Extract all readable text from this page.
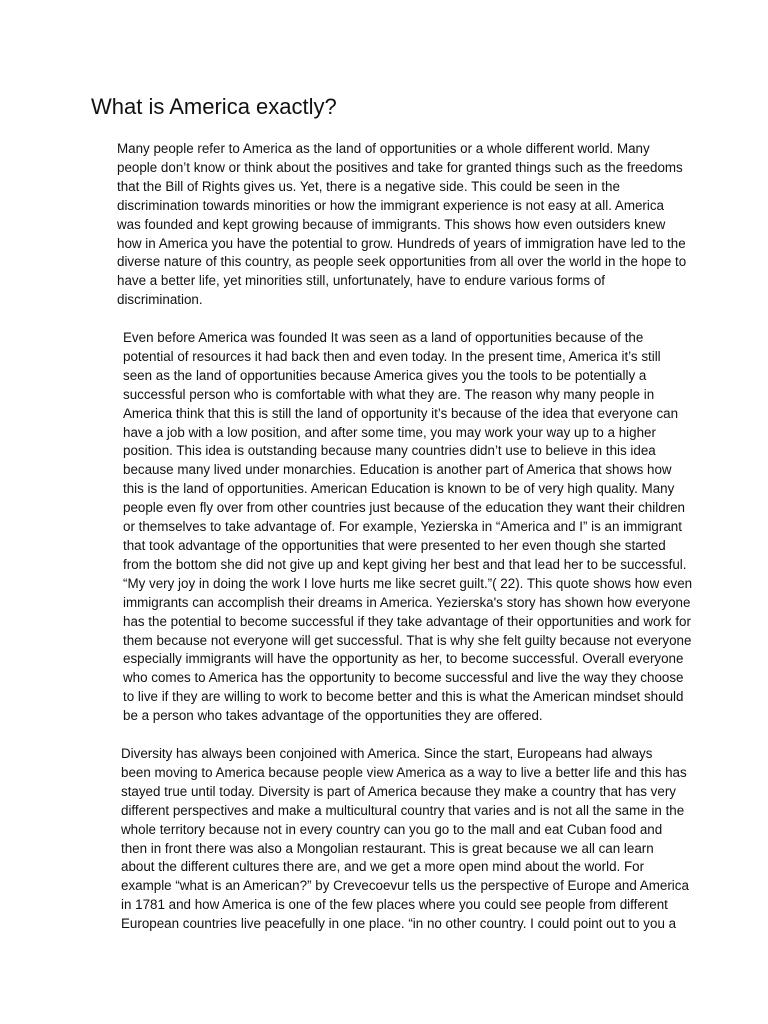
What is America exactly?

Many people refer to America as the land of opportunities or a whole different world. Many
people don’t know or think about the positives and take for granted things such as the freedoms
that the Bill of Rights gives us. Yet, there is a negative side. This could be seen in the
discrimination towards minorities or how the immigrant experience is not easy at all. America
was founded and kept growing because of immigrants. This shows how even outsiders knew
how in America you have the potential to grow. Hundreds of years of immigration have led to the
diverse nature of this country, as people seek opportunities from all over the world in the hope to
have a better life, yet minorities still, unfortunately, have to endure various forms of
discrimination.

Even before America was founded It was seen as a land of opportunities because of the
potential of resources it had back then and even today. In the present time, America it’s still
seen as the land of opportunities because America gives you the tools to be potentially a
successful person who is comfortable with what they are. The reason why many people in
America think that this is still the land of opportunity it’s because of the idea that everyone can
have a job with a low position, and after some time, you may work your way up to a higher
position. This idea is outstanding because many countries didn’t use to believe in this idea
because many lived under monarchies. Education is another part of America that shows how
this is the land of opportunities. American Education is known to be of very high quality. Many
people even fly over from other countries just because of the education they want their children
or themselves to take advantage of. For example, Yezierska in “America and I” is an immigrant
that took advantage of the opportunities that were presented to her even though she started
from the bottom she did not give up and kept giving her best and that lead her to be successful.
“My very joy in doing the work I love hurts me like secret guilt.”( 22). This quote shows how even
immigrants can accomplish their dreams in America. Yezierska's story has shown how everyone
has the potential to become successful if they take advantage of their opportunities and work for
them because not everyone will get successful. That is why she felt guilty because not everyone
especially immigrants will have the opportunity as her, to become successful. Overall everyone
who comes to America has the opportunity to become successful and live the way they choose
to live if they are willing to work to become better and this is what the American mindset should
be a person who takes advantage of the opportunities they are offered.

Diversity has always been conjoined with America. Since the start, Europeans had always
been moving to America because people view America as a way to live a better life and this has
stayed true until today. Diversity is part of America because they make a country that has very
different perspectives and make a multicultural country that varies and is not all the same in the
whole territory because not in every country can you go to the mall and eat Cuban food and
then in front there was also a Mongolian restaurant. This is great because we all can learn
about the different cultures there are, and we get a more open mind about the world. For
example “what is an American?” by Crevecoevur tells us the perspective of Europe and America
in 1781 and how America is one of the few places where you could see people from different
European countries live peacefully in one place. “in no other country. I could point out to you a
